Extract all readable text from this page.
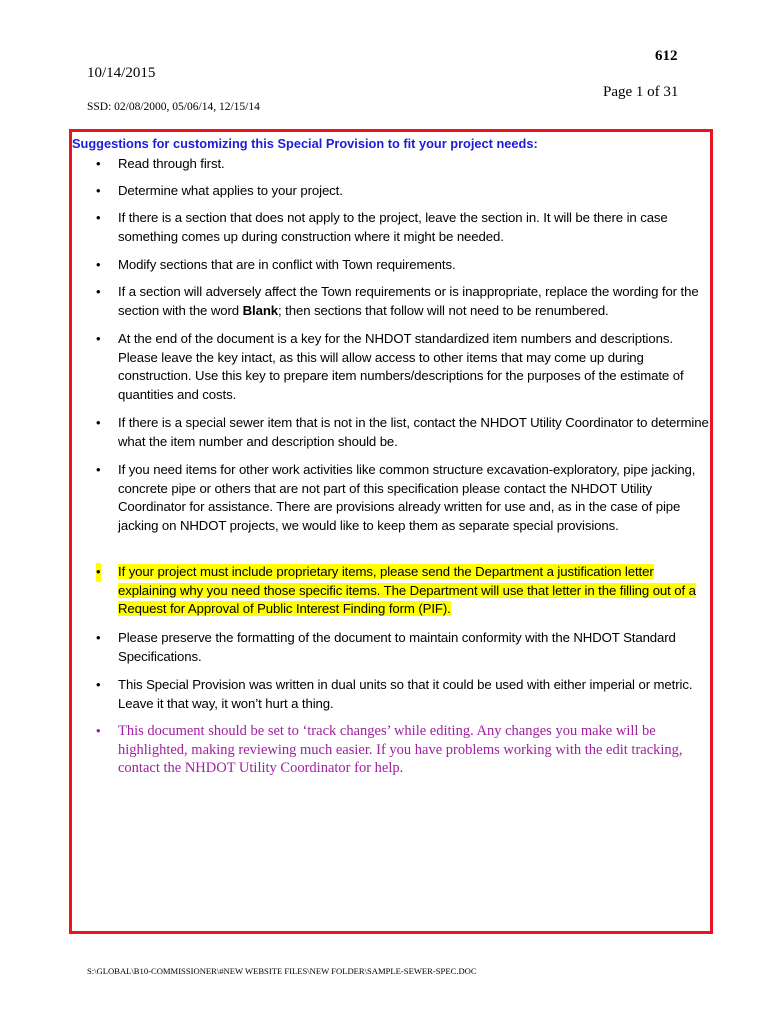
612
10/14/2015
Page 1 of 31
SSD: 02/08/2000, 05/06/14, 12/15/14
Suggestions for customizing this Special Provision to fit your project needs:
• Read through first.
• Determine what applies to your project.
• If there is a section that does not apply to the project, leave the section in. It will be there in case something comes up during construction where it might be needed.
• Modify sections that are in conflict with Town requirements.
• If a section will adversely affect the Town requirements or is inappropriate, replace the wording for the section with the word Blank; then sections that follow will not need to be renumbered.
• At the end of the document is a key for the NHDOT standardized item numbers and descriptions. Please leave the key intact, as this will allow access to other items that may come up during construction. Use this key to prepare item numbers/descriptions for the purposes of the estimate of quantities and costs.
• If there is a special sewer item that is not in the list, contact the NHDOT Utility Coordinator to determine what the item number and description should be.
• If you need items for other work activities like common structure excavation-exploratory, pipe jacking, concrete pipe or others that are not part of this specification please contact the NHDOT Utility Coordinator for assistance. There are provisions already written for use and, as in the case of pipe jacking on NHDOT projects, we would like to keep them as separate special provisions.
• If your project must include proprietary items, please send the Department a justification letter explaining why you need those specific items. The Department will use that letter in the filling out of a Request for Approval of Public Interest Finding form (PIF).
• Please preserve the formatting of the document to maintain conformity with the NHDOT Standard Specifications.
• This Special Provision was written in dual units so that it could be used with either imperial or metric. Leave it that way, it won’t hurt a thing.
• This document should be set to ‘track changes’ while editing. Any changes you make will be highlighted, making reviewing much easier. If you have problems working with the edit tracking, contact the NHDOT Utility Coordinator for help.
S:\GLOBAL\B10-COMMISSIONER\#NEW WEBSITE FILES\NEW FOLDER\SAMPLE-SEWER-SPEC.DOC
